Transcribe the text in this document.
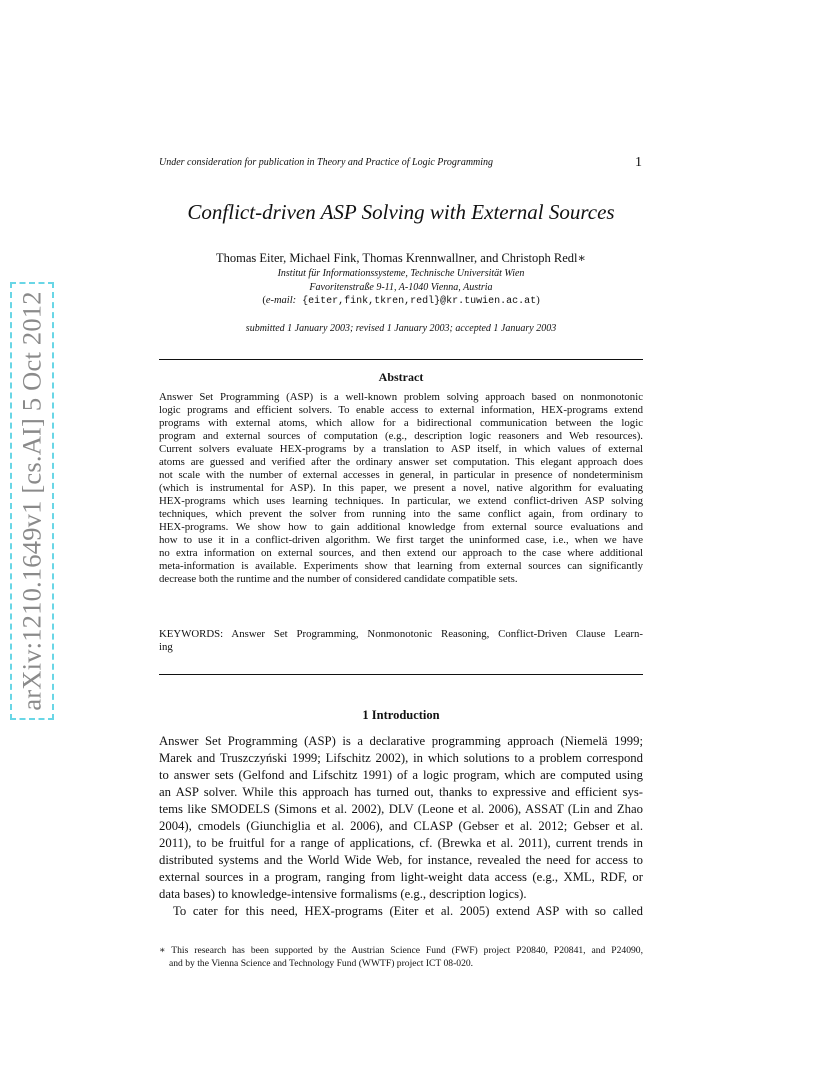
arXiv:1210.1649v1 [cs.AI] 5 Oct 2012
Under consideration for publication in Theory and Practice of Logic Programming	1
Conflict-driven ASP Solving with External Sources
Thomas Eiter, Michael Fink, Thomas Krennwallner, and Christoph Redl∗
Institut für Informationssysteme, Technische Universität Wien
Favoritenstraße 9-11, A-1040 Vienna, Austria
(e-mail: {eiter,fink,tkren,redl}@kr.tuwien.ac.at)
submitted 1 January 2003; revised 1 January 2003; accepted 1 January 2003
Abstract
Answer Set Programming (ASP) is a well-known problem solving approach based on nonmonotonic
logic programs and efficient solvers. To enable access to external information, HEX-programs extend
programs with external atoms, which allow for a bidirectional communication between the logic
program and external sources of computation (e.g., description logic reasoners and Web resources).
Current solvers evaluate HEX-programs by a translation to ASP itself, in which values of external
atoms are guessed and verified after the ordinary answer set computation. This elegant approach does
not scale with the number of external accesses in general, in particular in presence of nondeterminism
(which is instrumental for ASP). In this paper, we present a novel, native algorithm for evaluating
HEX-programs which uses learning techniques. In particular, we extend conflict-driven ASP solving
techniques, which prevent the solver from running into the same conflict again, from ordinary to
HEX-programs. We show how to gain additional knowledge from external source evaluations and
how to use it in a conflict-driven algorithm. We first target the uninformed case, i.e., when we have
no extra information on external sources, and then extend our approach to the case where additional
meta-information is available. Experiments show that learning from external sources can significantly
decrease both the runtime and the number of considered candidate compatible sets.
KEYWORDS: Answer Set Programming, Nonmonotonic Reasoning, Conflict-Driven Clause Learn-
ing
1 Introduction
Answer Set Programming (ASP) is a declarative programming approach (Niemelä 1999;
Marek and Truszczyński 1999; Lifschitz 2002), in which solutions to a problem correspond
to answer sets (Gelfond and Lifschitz 1991) of a logic program, which are computed using
an ASP solver. While this approach has turned out, thanks to expressive and efficient sys-
tems like SMODELS (Simons et al. 2002), DLV (Leone et al. 2006), ASSAT (Lin and Zhao
2004), cmodels (Giunchiglia et al. 2006), and CLASP (Gebser et al. 2012; Gebser et al.
2011), to be fruitful for a range of applications, cf. (Brewka et al. 2011), current trends in
distributed systems and the World Wide Web, for instance, revealed the need for access to
external sources in a program, ranging from light-weight data access (e.g., XML, RDF, or
data bases) to knowledge-intensive formalisms (e.g., description logics).
To cater for this need, HEX-programs (Eiter et al. 2005) extend ASP with so called
∗ This research has been supported by the Austrian Science Fund (FWF) project P20840, P20841, and P24090,
and by the Vienna Science and Technology Fund (WWTF) project ICT 08-020.
